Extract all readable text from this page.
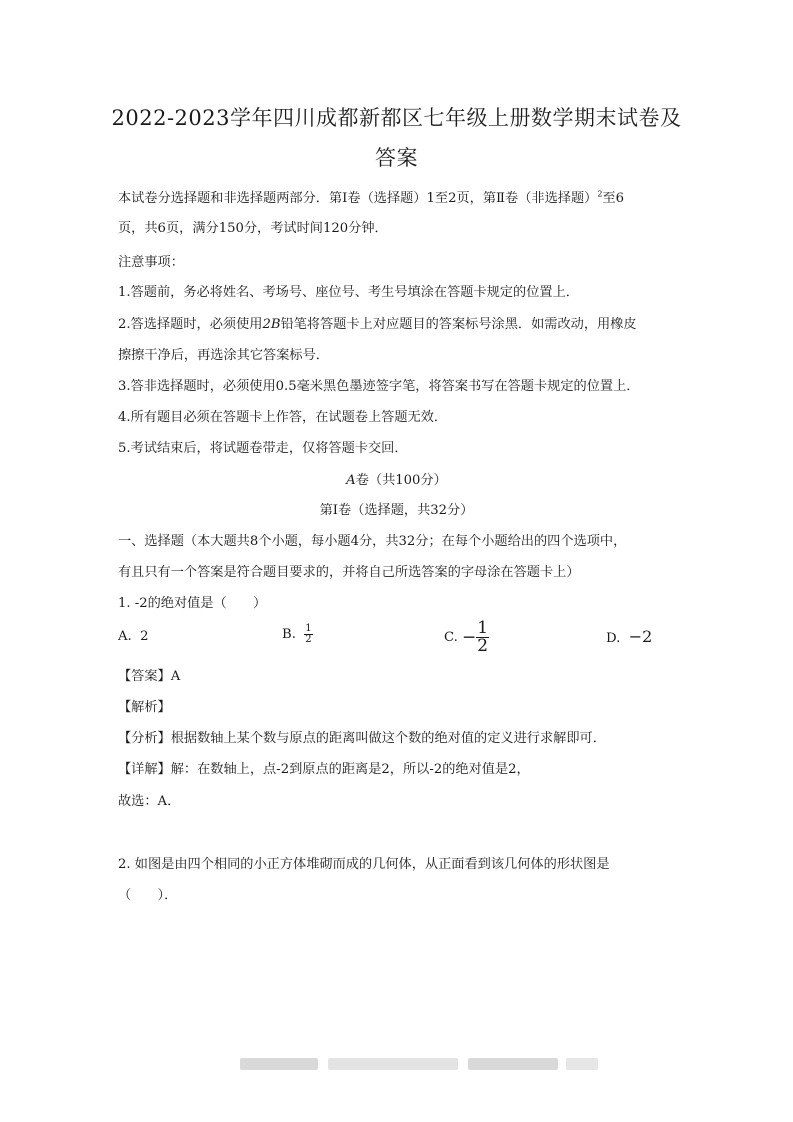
2022-2023学年四川成都新都区七年级上册数学期末试卷及
答案
本试卷分选择题和非选择题两部分．第Ⅰ卷（选择题）1至2页，第Ⅱ卷（非选择题）$^2$至6
页，共6页，满分150分，考试时间120分钟．
注意事项：
1.答题前，务必将姓名、考场号、座位号、考生号填涂在答题卡规定的位置上．
2.答选择题时，必须使用2B铅笔将答题卡上对应题目的答案标号涂黑．如需改动，用橡皮
擦擦干净后，再选涂其它答案标号．
3.答非选择题时，必须使用0.5毫米黑色墨迹签字笔，将答案书写在答题卡规定的位置上．
4.所有题目必须在答题卡上作答，在试题卷上答题无效．
5.考试结束后，将试题卷带走，仅将答题卡交回．
A卷（共100分）
第Ⅰ卷（选择题，共32分）
一、选择题（本大题共8个小题，每小题4分，共32分；在每个小题给出的四个选项中，
有且只有一个答案是符合题目要求的，并将自己所选答案的字母涂在答题卡上）
1. -2的绝对值是（　　）
A. 2	B. $\frac{1}{2}$	C. − $\frac{1}{2}$	D. −2
【答案】A
【解析】
【分析】根据数轴上某个数与原点的距离叫做这个数的绝对值的定义进行求解即可．
【详解】解：在数轴上，点-2到原点的距离是2，所以-2的绝对值是2，
故选：A．
2. 如图是由四个相同的小正方体堆砌而成的几何体，从正面看到该几何体的形状图是
（　　）．
